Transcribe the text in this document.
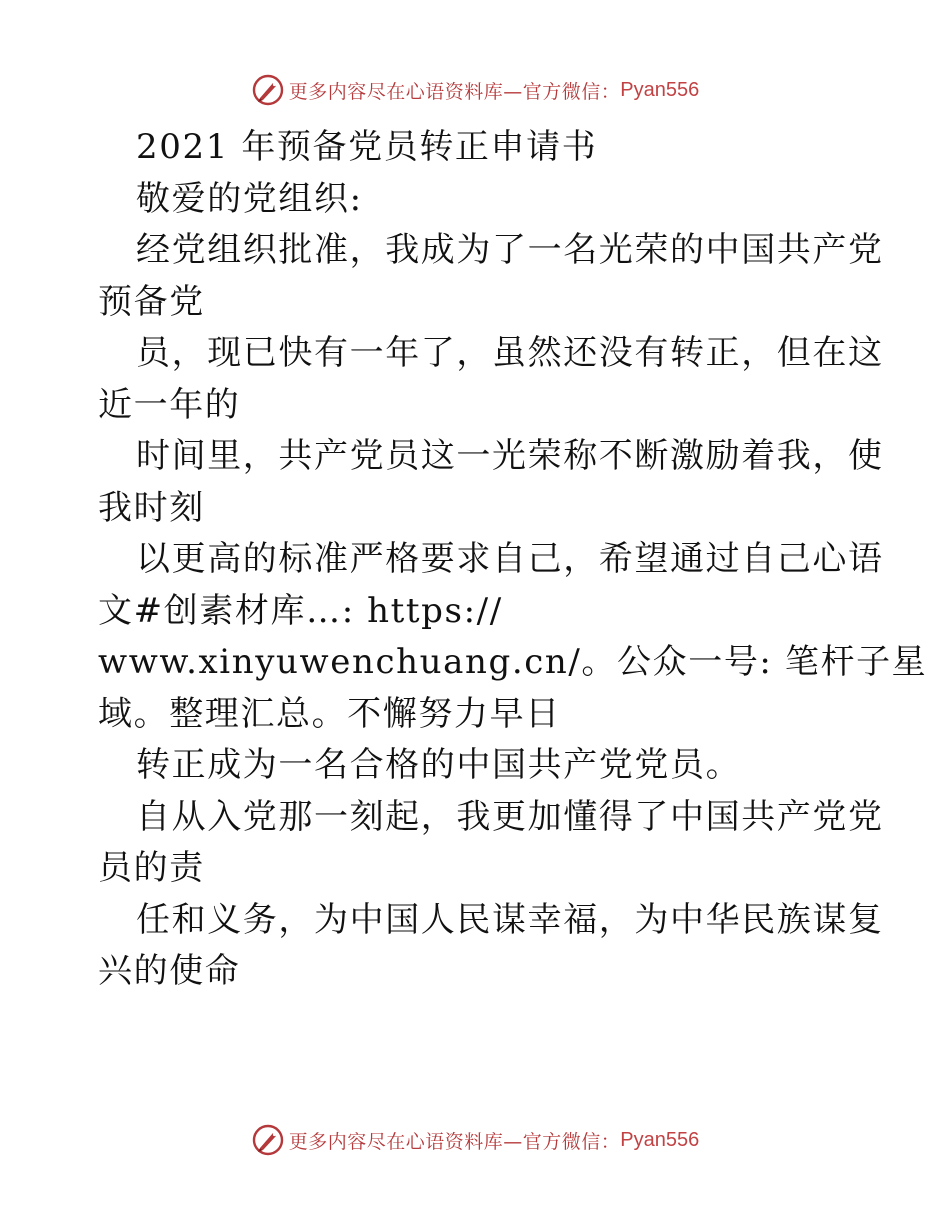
更多内容尽在心语资料库—官方微信： Pyan556
2021 年预备党员转正申请书
敬爱的党组织:
经党组织批准，我成为了一名光荣的中国共产党
预备党
员，现已快有一年了，虽然还没有转正，但在这
近一年的
时间里，共产党员这一光荣称不断激励着我，使
我时刻
以更高的标准严格要求自己，希望通过自己心语
文#创素材库…: https://
www.xinyuwenchuang.cn/。公众一号: 笔杆子星
域。整理汇总。不懈努力早日
转正成为一名合格的中国共产党党员。
自从入党那一刻起，我更加懂得了中国共产党党
员的责
任和义务，为中国人民谋幸福，为中华民族谋复
兴的使命
更多内容尽在心语资料库—官方微信： Pyan556
